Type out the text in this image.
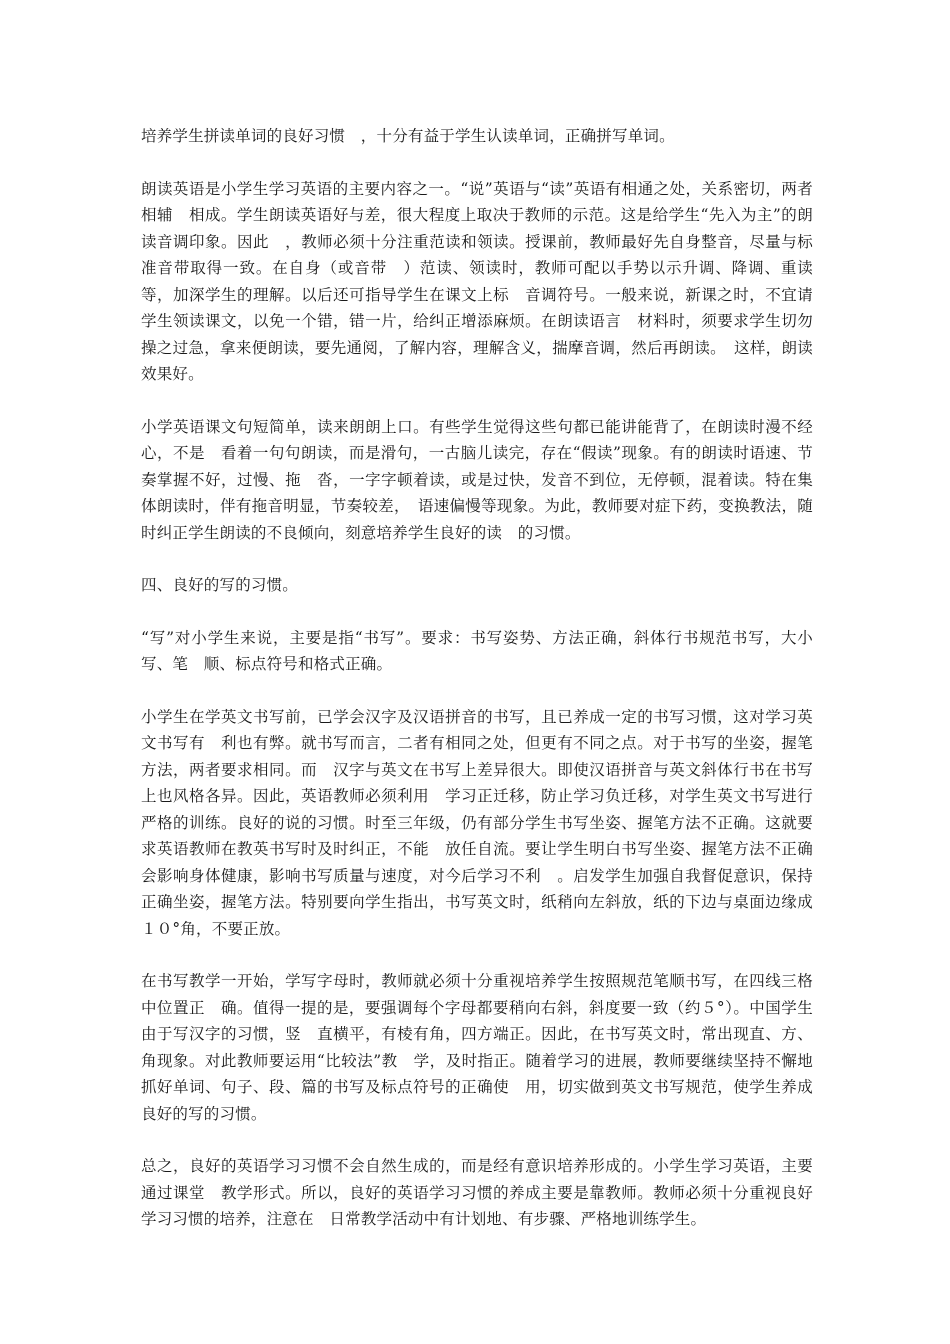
培养学生拼读单词的良好习惯　，十分有益于学生认读单词，正确拼写单词。

朗读英语是小学生学习英语的主要内容之一。“说”英语与“读”英语有相通之处，关系密切，两者相辅　相成。学生朗读英语好与差，很大程度上取决于教师的示范。这是给学生“先入为主”的朗读音调印象。因此　，教师必须十分注重范读和领读。授课前，教师最好先自身整音，尽量与标准音带取得一致。在自身（或音带　）范读、领读时，教师可配以手势以示升调、降调、重读等，加深学生的理解。以后还可指导学生在课文上标　音调符号。一般来说，新课之时，不宜请学生领读课文，以免一个错，错一片，给纠正增添麻烦。在朗读语言　材料时，须要求学生切勿操之过急，拿来便朗读，要先通阅，了解内容，理解含义，揣摩音调，然后再朗读。　这样，朗读效果好。

小学英语课文句短简单，读来朗朗上口。有些学生觉得这些句都已能讲能背了，在朗读时漫不经心，不是　看着一句句朗读，而是滑句，一古脑儿读完，存在“假读”现象。有的朗读时语速、节奏掌握不好，过慢、拖　沓，一字字顿着读，或是过快，发音不到位，无停顿，混着读。特在集体朗读时，伴有拖音明显，节奏较差，　语速偏慢等现象。为此，教师要对症下药，变换教法，随时纠正学生朗读的不良倾向，刻意培养学生良好的读　的习惯。

四、良好的写的习惯。

“写”对小学生来说，主要是指“书写”。要求：书写姿势、方法正确，斜体行书规范书写，大小写、笔　顺、标点符号和格式正确。

小学生在学英文书写前，已学会汉字及汉语拼音的书写，且已养成一定的书写习惯，这对学习英文书写有　利也有弊。就书写而言，二者有相同之处，但更有不同之点。对于书写的坐姿，握笔方法，两者要求相同。而　汉字与英文在书写上差异很大。即使汉语拼音与英文斜体行书在书写上也风格各异。因此，英语教师必须利用　学习正迁移，防止学习负迁移，对学生英文书写进行严格的训练。良好的说的习惯。时至三年级，仍有部分学生书写坐姿、握笔方法不正确。这就要求英语教师在教英书写时及时纠正，不能　放任自流。要让学生明白书写坐姿、握笔方法不正确会影响身体健康，影响书写质量与速度，对今后学习不利　。启发学生加强自我督促意识，保持正确坐姿，握笔方法。特别要向学生指出，书写英文时，纸稍向左斜放，纸的下边与桌面边缘成１０°角，不要正放。

在书写教学一开始，学写字母时，教师就必须十分重视培养学生按照规范笔顺书写，在四线三格中位置正　确。值得一提的是，要强调每个字母都要稍向右斜，斜度要一致（约５°）。中国学生由于写汉字的习惯，竖　直横平，有棱有角，四方端正。因此，在书写英文时，常出现直、方、角现象。对此教师要运用“比较法”教　学，及时指正。随着学习的进展，教师要继续坚持不懈地抓好单词、句子、段、篇的书写及标点符号的正确使　用，切实做到英文书写规范，使学生养成良好的写的习惯。

总之，良好的英语学习习惯不会自然生成的，而是经有意识培养形成的。小学生学习英语，主要通过课堂　教学形式。所以，良好的英语学习习惯的养成主要是靠教师。教师必须十分重视良好学习习惯的培养，注意在　日常教学活动中有计划地、有步骤、严格地训练学生。
